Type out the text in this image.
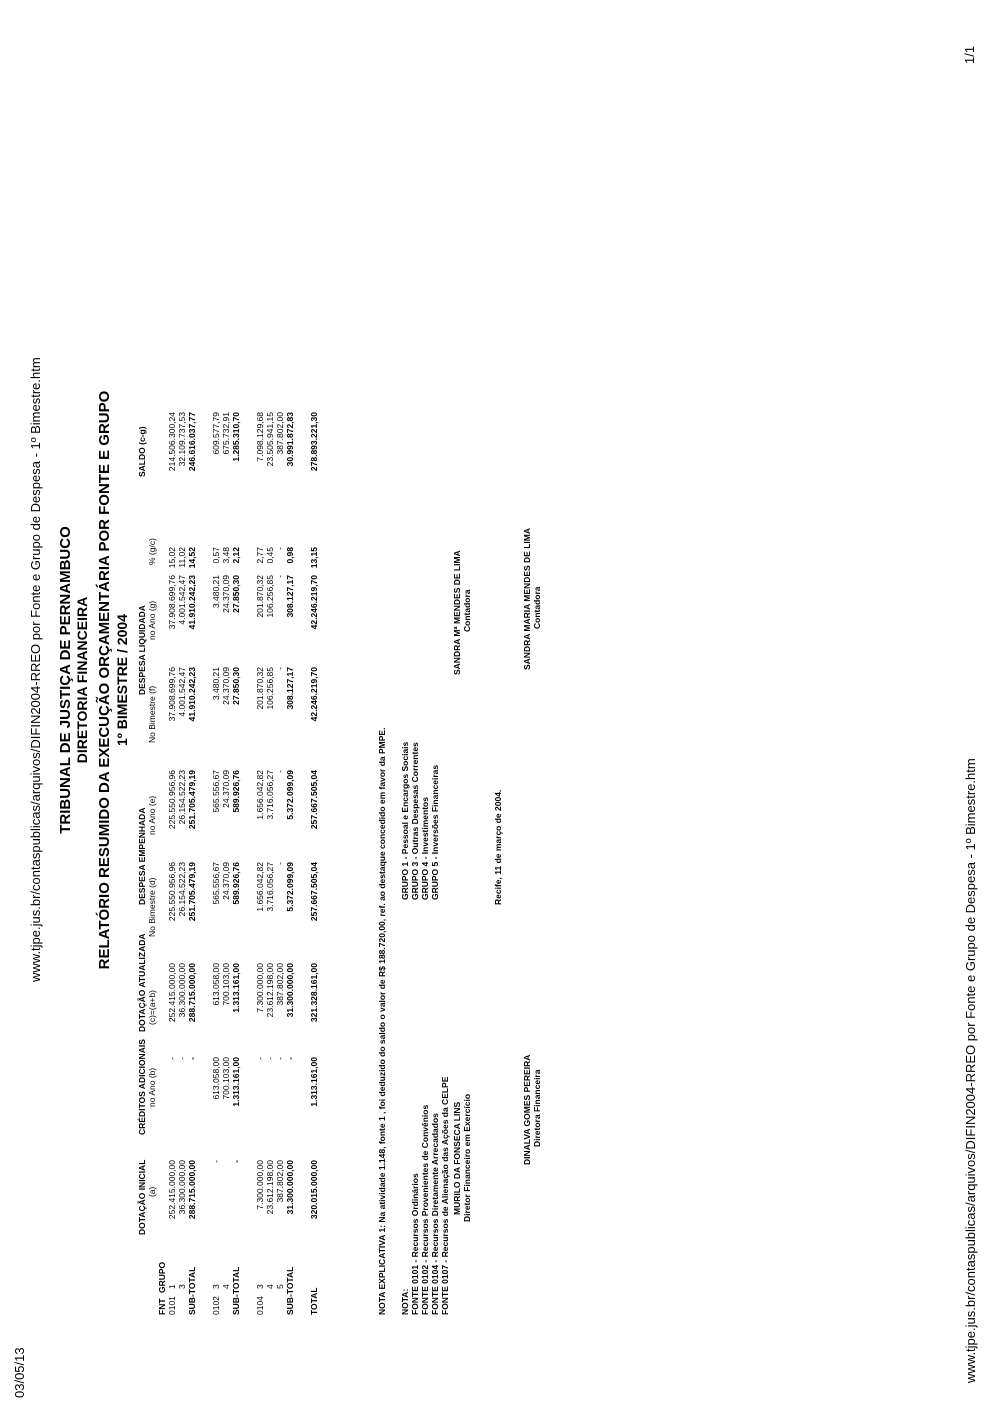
03/05/13
www.tjpe.jus.br/contaspublicas/arquivos/DIFIN2004-RREO por Fonte e Grupo de Despesa - 1º Bimestre.htm
www.tjpe.jus.br/contaspublicas/arquivos/DIFIN2004-RREO por Fonte e Grupo de Despesa - 1º Bimestre.htm
1/1
TRIBUNAL DE JUSTIÇA DE PERNAMBUCO DIRETORIA FINANCEIRA RELATÓRIO RESUMIDO DA EXECUÇÃO ORÇAMENTÁRIA POR FONTE E GRUPO 1º BIMESTRE / 2004
DOTAÇÃO INICIAL
CRÉDITOS ADICIONAIS
DOTAÇÃO ATUALIZADA
DESPESA EMPENHADA
DESPESA LIQUIDADA
SALDO (c-g)
(a)
no Ano (b)
(c)=(a+b)
No Bimestre (d)
no Ano (e)
No Bimestre (f)
no Ano (g)
% (g/c)
FNT
GRUPO
0101
1
252.415.000,00
-
252.415.000,00
225.550.956,96
225.550.956,96
37.908.699,76
37.908.699,76
15,02
214.506.300,24
3
36.300.000,00
-
36.300.000,00
26.154.522,23
26.154.522,23
4.001.542,47
4.001.542,47
11,02
32.109.737,53
SUB-TOTAL
288.715.000,00
-
288.715.000,00
251.705.479,19
251.705.479,19
41.910.242,23
41.910.242,23
14,52
246.616.037,77
0102
3
-
613.058,00
613.058,00
565.556,67
565.556,67
3.480,21
3.480,21
0,57
609.577,79
4
700.103,00
700.103,00
24.370,09
24.370,09
24.370,09
24.370,09
3,48
675.732,91
SUB-TOTAL
-
1.313.161,00
1.313.161,00
589.926,76
589.926,76
27.850,30
27.850,30
2,12
1.285.310,70
0104
3
7.300.000,00
-
7.300.000,00
1.656.042,82
1.656.042,82
201.870,32
201.870,32
2,77
7.098.129,68
4
23.612.198,00
-
23.612.198,00
3.716.056,27
3.716.056,27
106.256,85
106.256,85
0,45
23.505.941,15
5
387.802,00
-
387.802,00
-
-
-
-
-
387.802,00
SUB-TOTAL
31.300.000,00
-
31.300.000,00
5.372.099,09
5.372.099,09
308.127,17
308.127,17
0,98
30.991.872,83
TOTAL
320.015.000,00
1.313.161,00
321.328.161,00
257.667.505,04
257.667.505,04
42.246.219,70
42.246.219,70
13,15
278.893.221,30
NOTA EXPLICATIVA 1: Na atividade 1.148, fonte 1 , foi deduzido do saldo o valor de R$ 188.720,00, ref. ao destaque concedido em favor da PMPE. NOTA: FONTE 0101 - Recursos Ordinários FONTE 0102 - Recursos Provenientes de Convênios FONTE 0104 - Recursos Diretamente Arrecadados FONTE 0107 - Recursos de Alienação das Ações da CELPE
GRUPO 1 - Pessoal e Encargos Sociais GRUPO 3 - Outras Despesas Correntes GRUPO 4 - Investimentos GRUPO 5 - Inversões Financeiras
MURILO DA FONSECA LINS Diretor Financeiro em Exercício
SANDRA Mª MENDES DE LIMA Contadora
Recife, 11 de março de 2004.
DINALVA GOMES PEREIRA Diretora Financeira
SANDRA MARIA MENDES DE LIMA Contadora
